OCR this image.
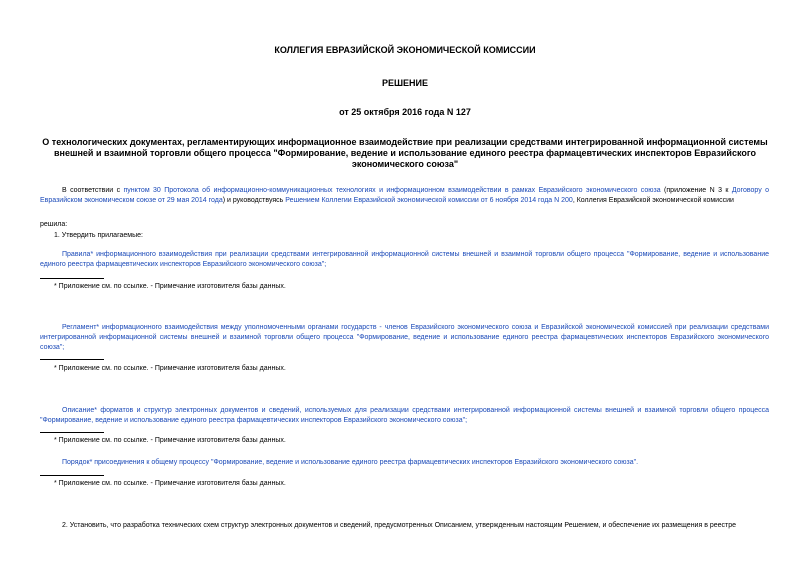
КОЛЛЕГИЯ ЕВРАЗИЙСКОЙ ЭКОНОМИЧЕСКОЙ КОМИССИИ

РЕШЕНИЕ

от 25 октября 2016 года N 127

О технологических документах, регламентирующих информационное взаимодействие при реализации средствами интегрированной информационной системы внешней и взаимной торговли общего процесса "Формирование, ведение и использование единого реестра фармацевтических инспекторов Евразийского экономического союза"

В соответствии с пунктом 30 Протокола об информационно-коммуникационных технологиях и информационном взаимодействии в рамках Евразийского экономического союза (приложение N 3 к Договору о Евразийском экономическом союзе от 29 мая 2014 года) и руководствуясь Решением Коллегии Евразийской экономической комиссии от 6 ноября 2014 года N 200, Коллегия Евразийской экономической комиссии

решила:

1. Утвердить прилагаемые:

Правила* информационного взаимодействия при реализации средствами интегрированной информационной системы внешней и взаимной торговли общего процесса "Формирование, ведение и использование единого реестра фармацевтических инспекторов Евразийского экономического союза";

* Приложение см. по ссылке. - Примечание изготовителя базы данных.

Регламент* информационного взаимодействия между уполномоченными органами государств - членов Евразийского экономического союза и Евразийской экономической комиссией при реализации средствами интегрированной информационной системы внешней и взаимной торговли общего процесса "Формирование, ведение и использование единого реестра фармацевтических инспекторов Евразийского экономического союза";

* Приложение см. по ссылке. - Примечание изготовителя базы данных.

Описание* форматов и структур электронных документов и сведений, используемых для реализации средствами интегрированной информационной системы внешней и взаимной торговли общего процесса "Формирование, ведение и использование единого реестра фармацевтических инспекторов Евразийского экономического союза";

* Приложение см. по ссылке. - Примечание изготовителя базы данных.

Порядок* присоединения к общему процессу "Формирование, ведение и использование единого реестра фармацевтических инспекторов Евразийского экономического союза".

* Приложение см. по ссылке. - Примечание изготовителя базы данных.

2. Установить, что разработка технических схем структур электронных документов и сведений, предусмотренных Описанием, утвержденным настоящим Решением, и обеспечение их размещения в реестре
